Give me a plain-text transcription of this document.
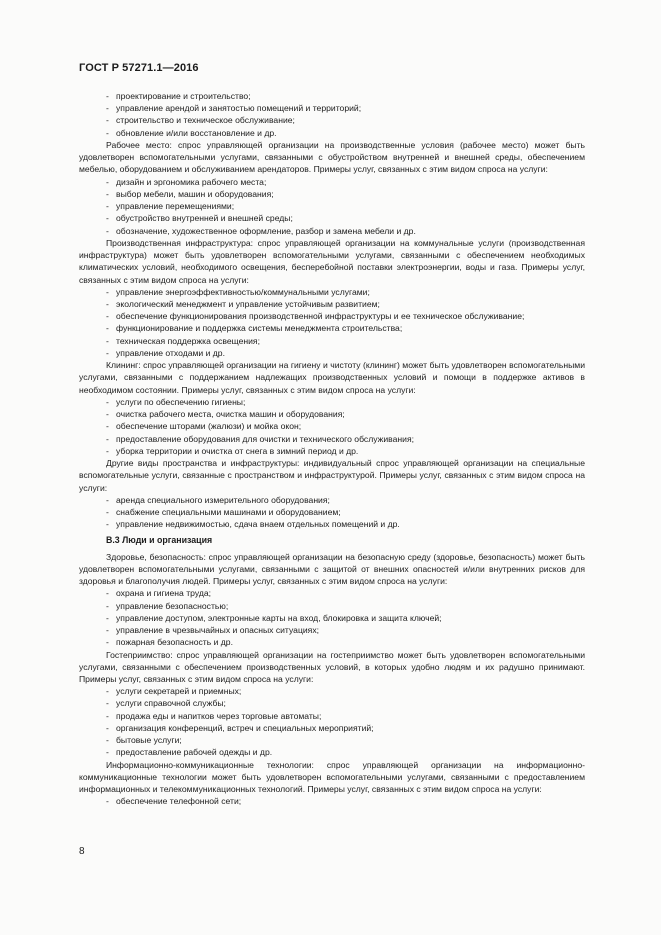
ГОСТ Р 57271.1—2016
- проектирование и строительство;
- управление арендой и занятостью помещений и территорий;
- строительство и техническое обслуживание;
- обновление и/или восстановление и др.
Рабочее место: спрос управляющей организации на производственные условия (рабочее место) может быть удовлетворен вспомогательными услугами, связанными с обустройством внутренней и внешней среды, обеспечением мебелью, оборудованием и обслуживанием арендаторов. Примеры услуг, связанных с этим видом спроса на услуги:
- дизайн и эргономика рабочего места;
- выбор мебели, машин и оборудования;
- управление перемещениями;
- обустройство внутренней и внешней среды;
- обозначение, художественное оформление, разбор и замена мебели и др.
Производственная инфраструктура: спрос управляющей организации на коммунальные услуги (производственная инфраструктура) может быть удовлетворен вспомогательными услугами, связанными с обеспечением необходимых климатических условий, необходимого освещения, бесперебойной поставки электроэнергии, воды и газа. Примеры услуг, связанных с этим видом спроса на услуги:
- управление энергоэффективностью/коммунальными услугами;
- экологический менеджмент и управление устойчивым развитием;
- обеспечение функционирования производственной инфраструктуры и ее техническое обслуживание;
- функционирование и поддержка системы менеджмента строительства;
- техническая поддержка освещения;
- управление отходами и др.
Клининг: спрос управляющей организации на гигиену и чистоту (клининг) может быть удовлетворен вспомогательными услугами, связанными с поддержанием надлежащих производственных условий и помощи в поддержке активов в необходимом состоянии. Примеры услуг, связанных с этим видом спроса на услуги:
- услуги по обеспечению гигиены;
- очистка рабочего места, очистка машин и оборудования;
- обеспечение шторами (жалюзи) и мойка окон;
- предоставление оборудования для очистки и технического обслуживания;
- уборка территории и очистка от снега в зимний период и др.
Другие виды пространства и инфраструктуры: индивидуальный спрос управляющей организации на специальные вспомогательные услуги, связанные с пространством и инфраструктурой. Примеры услуг, связанных с этим видом спроса на услуги:
- аренда специального измерительного оборудования;
- снабжение специальными машинами и оборудованием;
- управление недвижимостью, сдача внаем отдельных помещений и др.
В.3 Люди и организация
Здоровье, безопасность: спрос управляющей организации на безопасную среду (здоровье, безопасность) может быть удовлетворен вспомогательными услугами, связанными с защитой от внешних опасностей и/или внутренних рисков для здоровья и благополучия людей. Примеры услуг, связанных с этим видом спроса на услуги:
- охрана и гигиена труда;
- управление безопасностью;
- управление доступом, электронные карты на вход, блокировка и защита ключей;
- управление в чрезвычайных и опасных ситуациях;
- пожарная безопасность и др.
Гостеприимство: спрос управляющей организации на гостеприимство может быть удовлетворен вспомогательными услугами, связанными с обеспечением производственных условий, в которых удобно людям и их радушно принимают. Примеры услуг, связанных с этим видом спроса на услуги:
- услуги секретарей и приемных;
- услуги справочной службы;
- продажа еды и напитков через торговые автоматы;
- организация конференций, встреч и специальных мероприятий;
- бытовые услуги;
- предоставление рабочей одежды и др.
Информационно-коммуникационные технологии: спрос управляющей организации на информационно-коммуникационные технологии может быть удовлетворен вспомогательными услугами, связанными с предоставлением информационных и телекоммуникационных технологий. Примеры услуг, связанных с этим видом спроса на услуги:
- обеспечение телефонной сети;
8
